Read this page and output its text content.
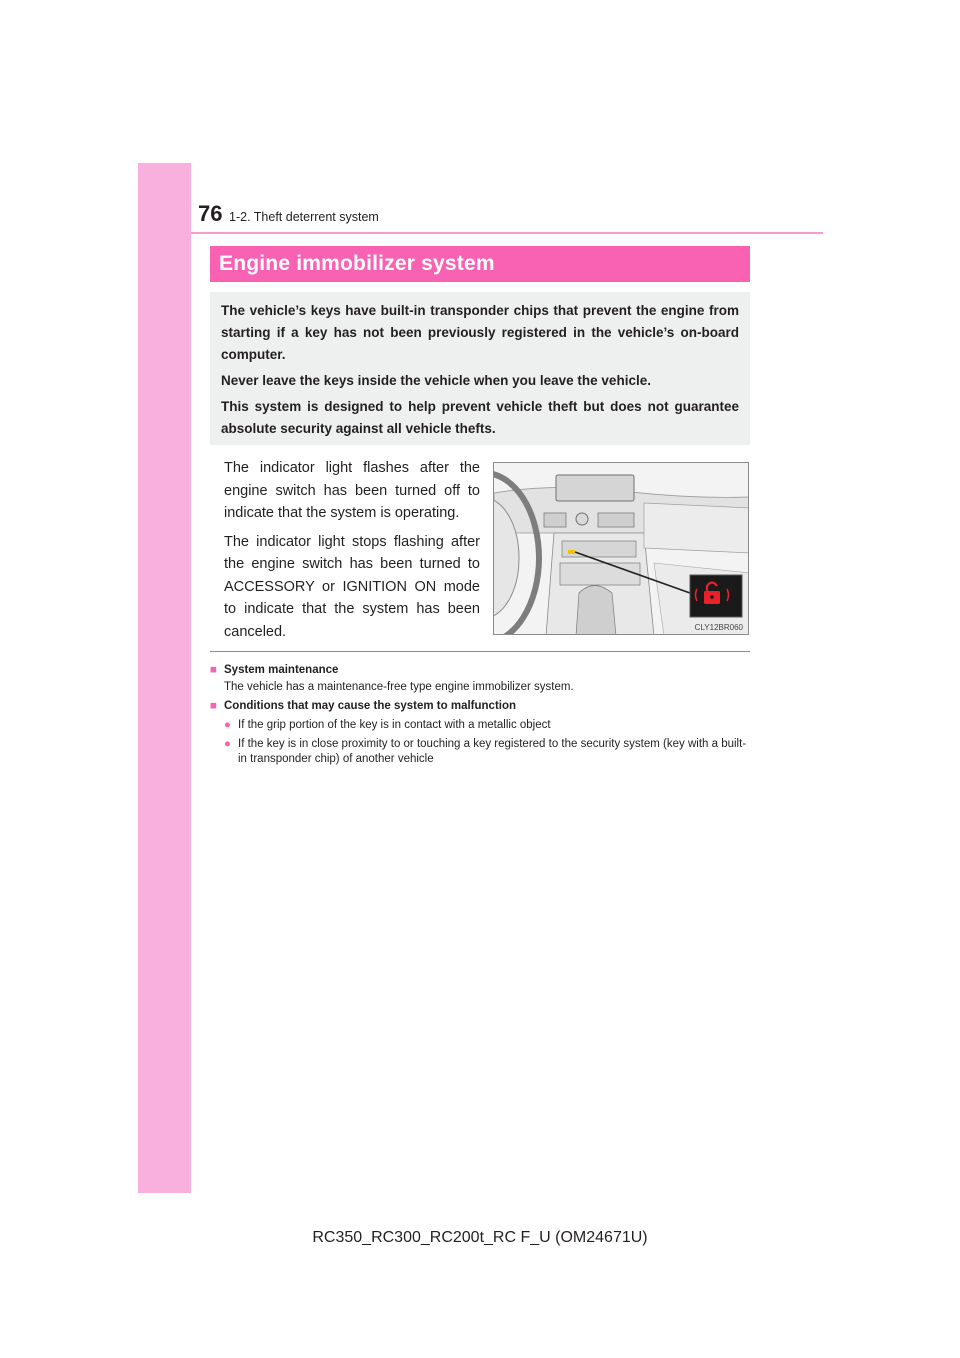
76 1-2. Theft deterrent system
Engine immobilizer system

The vehicle’s keys have built-in transponder chips that prevent the engine from starting if a key has not been previously registered in the vehicle’s on-board computer.

Never leave the keys inside the vehicle when you leave the vehicle.

This system is designed to help prevent vehicle theft but does not guarantee absolute security against all vehicle thefts.

The indicator light flashes after the engine switch has been turned off to indicate that the system is operating.

The indicator light stops flashing after the engine switch has been turned to ACCESSORY or IGNITION ON mode to indicate that the system has been canceled.	CLY12BR060
■ System maintenance
The vehicle has a maintenance-free type engine immobilizer system.
■ Conditions that may cause the system to malfunction
● If the grip portion of the key is in contact with a metallic object
● If the key is in close proximity to or touching a key registered to the security system (key with a built-in transponder chip) of another vehicle
RC350_RC300_RC200t_RC F_U (OM24671U)
